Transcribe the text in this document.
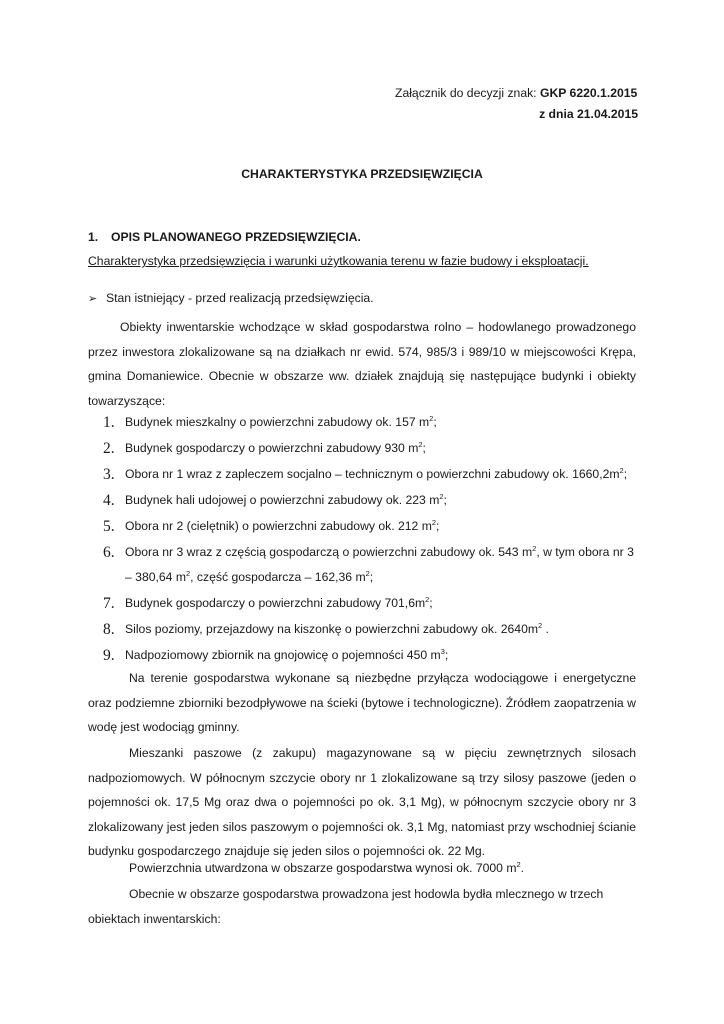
Załącznik do decyzji znak: GKP 6220.1.2015
z dnia 21.04.2015
CHARAKTERYSTYKA PRZEDSIĘWZIĘCIA
1. OPIS PLANOWANEGO PRZEDSIĘWZIĘCIA.
Charakterystyka przedsięwzięcia i warunki użytkowania terenu w fazie budowy i eksploatacji.
➢ Stan istniejący - przed realizacją przedsięwzięcia.
Obiekty inwentarskie wchodzące w skład gospodarstwa rolno – hodowlanego prowadzonego przez inwestora zlokalizowane są na działkach nr ewid. 574, 985/3 i 989/10 w miejscowości Krępa, gmina Domaniewice. Obecnie w obszarze ww. działek znajdują się następujące budynki i obiekty towarzyszące:
1. Budynek mieszkalny o powierzchni zabudowy ok. 157 $m^2$;
2. Budynek gospodarczy o powierzchni zabudowy 930 $m^2$;
3. Obora nr 1 wraz z zapleczem socjalno – technicznym o powierzchni zabudowy ok. $1660,2m^2$;
4. Budynek hali udojowej o powierzchni zabudowy ok. 223 $m^2$;
5. Obora nr 2 (cielętnik) o powierzchni zabudowy ok. 212 $m^2$;
6. Obora nr 3 wraz z częścią gospodarczą o powierzchni zabudowy ok. 543 $m^2$, w tym obora nr 3
– 380,64 $m^2$, część gospodarcza – 162,36 $m^2$;
7. Budynek gospodarczy o powierzchni zabudowy $701,6m^2$;
8. Silos poziomy, przejazdowy na kiszonkę o powierzchni zabudowy ok. $2640m^2$ .
9. Nadpoziomowy zbiornik na gnojowicę o pojemności 450 $m^3$;
Na terenie gospodarstwa wykonane są niezbędne przyłącza wodociągowe i energetyczne oraz podziemne zbiorniki bezodpływowe na ścieki (bytowe i technologiczne). Źródłem zaopatrzenia w wodę jest wodociąg gminny.
Mieszanki paszowe (z zakupu) magazynowane są w pięciu zewnętrznych silosach nadpoziomowych. W północnym szczycie obory nr 1 zlokalizowane są trzy silosy paszowe (jeden o pojemności ok. 17,5 Mg oraz dwa o pojemności po ok. 3,1 Mg), w północnym szczycie obory nr 3 zlokalizowany jest jeden silos paszowym o pojemności ok. 3,1 Mg, natomiast przy wschodniej ścianie budynku gospodarczego znajduje się jeden silos o pojemności ok. 22 Mg.
Powierzchnia utwardzona w obszarze gospodarstwa wynosi ok. 7000 $m^2$.
Obecnie w obszarze gospodarstwa prowadzona jest hodowla bydła mlecznego w trzech
obiektach inwentarskich:
